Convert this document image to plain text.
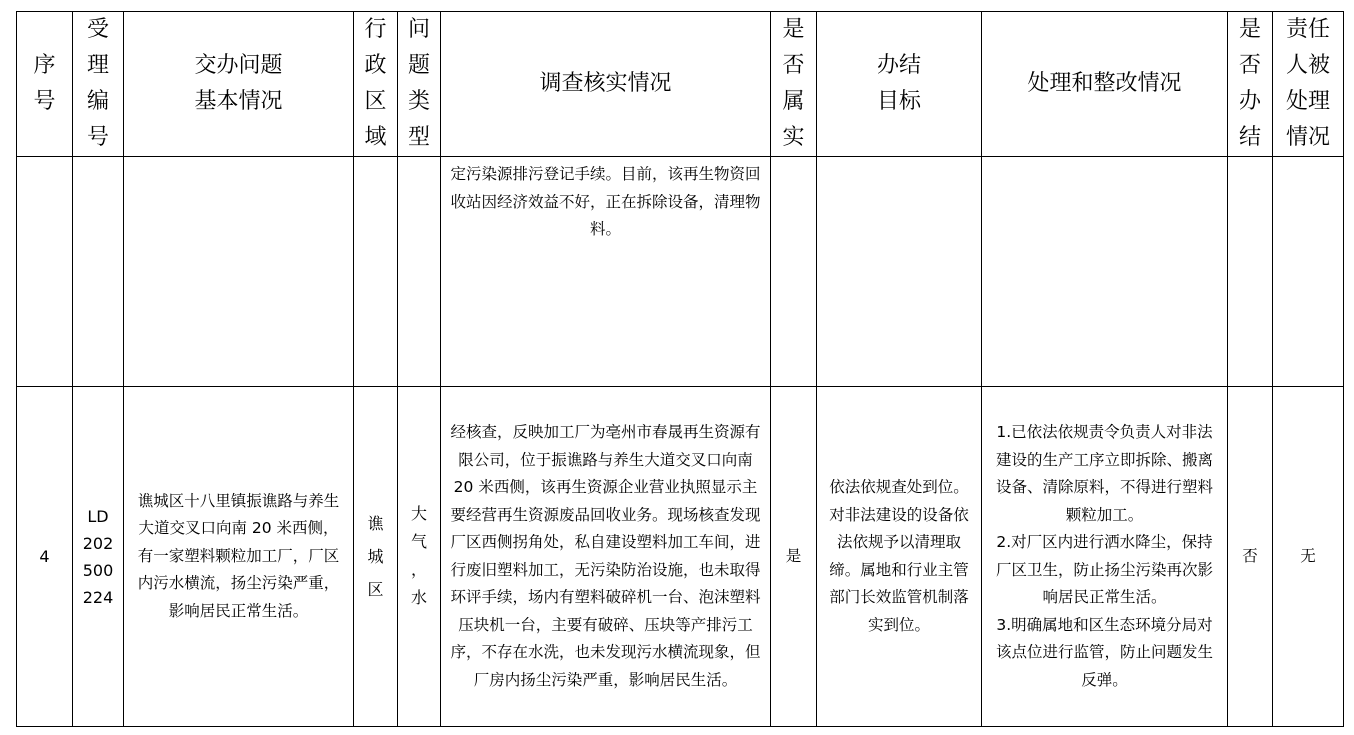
序
号	受
理
编
号	交办问题
基本情况	行
政
区
域	问
题
类
型	调查核实情况	是
否
属
实	办结
目标	处理和整改情况	是
否
办
结	责任
人被
处理
情况

					定污染源排污登记手续。目前，该再生物资回收站因经济效益不好，正在拆除设备，清理物料。					

4	LD
202
500
224	谯城区十八里镇振谯路与养生大道交叉口向南 20 米西侧，有一家塑料颗粒加工厂，厂区内污水横流，扬尘污染严重，影响居民正常生活。	谯
城
区	大
气
，
水	经核查，反映加工厂为亳州市春晟再生资源有限公司，位于振谯路与养生大道交叉口向南 20 米西侧，该再生资源企业营业执照显示主要经营再生资源废品回收业务。现场核查发现厂区西侧拐角处，私自建设塑料加工车间，进行废旧塑料加工，无污染防治设施，也未取得环评手续，场内有塑料破碎机一台、泡沫塑料压块机一台，主要有破碎、压块等产排污工序，不存在水洗，也未发现污水横流现象，但厂房内扬尘污染严重，影响居民生活。	是	依法依规查处到位。对非法建设的设备依法依规予以清理取缔。属地和行业主管部门长效监管机制落实到位。	1.已依法依规责令负责人对非法建设的生产工序立即拆除、搬离设备、清除原料，不得进行塑料颗粒加工。
2.对厂区内进行洒水降尘，保持厂区卫生，防止扬尘污染再次影响居民正常生活。
3.明确属地和区生态环境分局对该点位进行监管，防止问题发生反弹。	否	无
